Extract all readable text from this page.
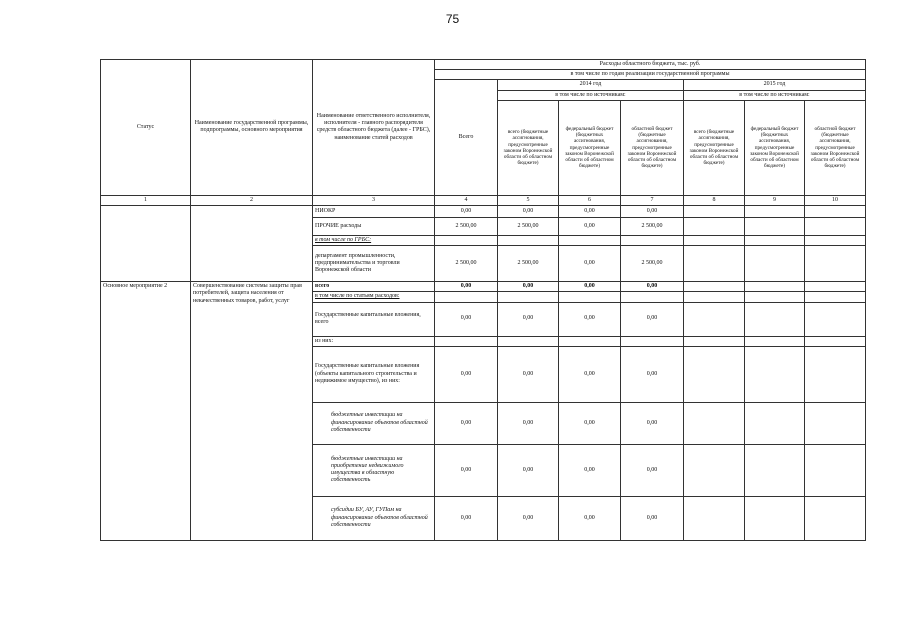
75
Статус	Наименование государственной программы, подпрограммы, основного мероприятия	Наименование ответственного исполнителя, исполнителя - главного распорядителя средств областного бюджета (далее - ГРБС), наименование статей расходов	Расходы областного бюджета, тыс. руб.						
			в том числе по годам реализации государственной программы						
			Всего	2014 год			2015 год		
				в том числе по источникам:			в том числе по источникам:		
				всего (бюджетные ассигнования, предусмотренные законом Воронежской области об областном бюджете)	федеральный бюджет (бюджетных ассигнования, предусмотренные законом Воронежской области об областном бюджете)	областной бюджет (бюджетные ассигнования, предусмотренные законом Воронежской области об областном бюджете)	всего (бюджетные ассигнования, предусмотренные законом Воронежской области об областном бюджете)	федеральный бюджет (бюджетных ассигнования, предусмотренные законом Воронежской области об областном бюджете)	областной бюджет (бюджетные ассигнования, предусмотренные законом Воронежской области об областном бюджете)
1	2	3	4	5	6	7	8	9	10
		НИОКР	0,00	0,00	0,00	0,00			
		ПРОЧИЕ расходы	2 500,00	2 500,00	0,00	2 500,00			
		в том числе по ГРБС:							
		департамент промышленности, предпринимательства и торговли Воронежской области	2 500,00	2 500,00	0,00	2 500,00			
Основное мероприятие 2	Совершенствование системы защиты прав потребителей, защита населения от некачественных товаров, работ, услуг	всего	0,00	0,00	0,00	0,00			
		в том числе по статьям расходов:							
		Государственные капитальные вложения, всего	0,00	0,00	0,00	0,00			
		из них:							
		Государственные капитальные вложения (объекты капитального строительства и недвижимое имущество), из них:	0,00	0,00	0,00	0,00			
		бюджетные инвестиции на финансирование объектов областной собственности	0,00	0,00	0,00	0,00			
		бюджетные инвестиции на приобретение недвижимого имущества в областную собственность	0,00	0,00	0,00	0,00			
		субсидии БУ, АУ, ГУПам на финансирование объектов областной собственности	0,00	0,00	0,00	0,00			
